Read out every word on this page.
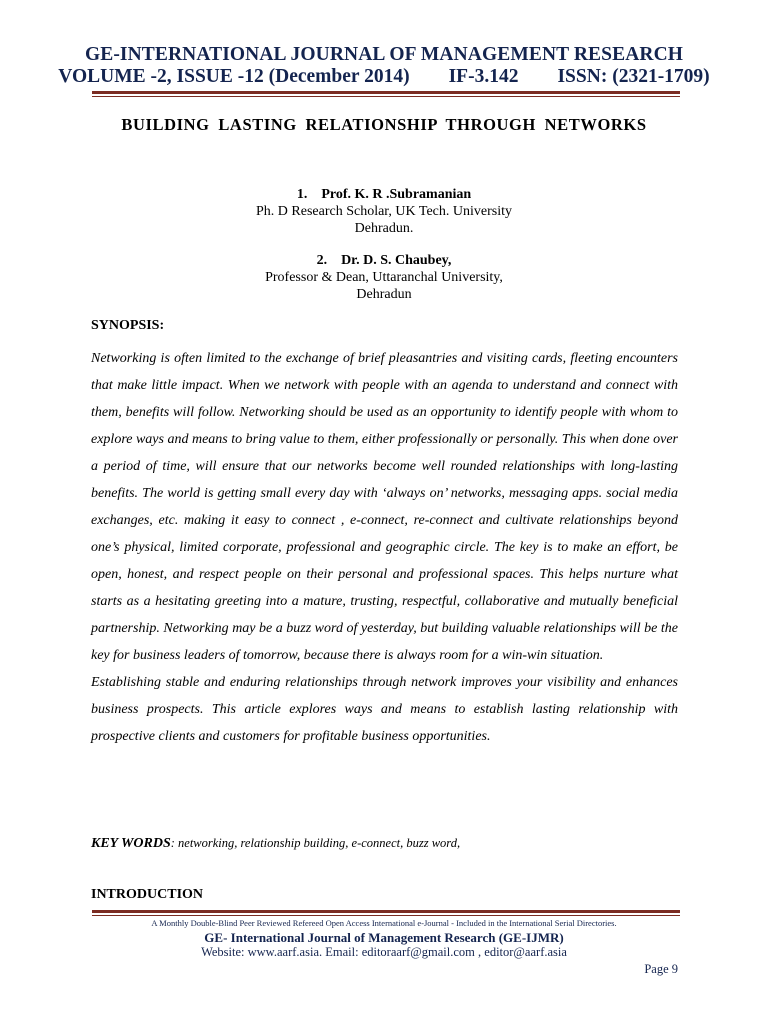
GE-INTERNATIONAL JOURNAL OF MANAGEMENT RESEARCH
VOLUME -2, ISSUE -12 (December 2014) IF-3.142 ISSN: (2321-1709)
BUILDING LASTING RELATIONSHIP THROUGH NETWORKS
1. Prof. K. R .Subramanian
Ph. D Research Scholar, UK Tech. University
Dehradun.
2. Dr. D. S. Chaubey,
Professor & Dean, Uttaranchal University,
Dehradun
SYNOPSIS:

Networking is often limited to the exchange of brief pleasantries and visiting cards, fleeting encounters that make little impact. When we network with people with an agenda to understand and connect with them, benefits will follow. Networking should be used as an opportunity to identify people with whom to explore ways and means to bring value to them, either professionally or personally. This when done over a period of time, will ensure that our networks become well rounded relationships with long-lasting benefits. The world is getting small every day with ‘always on’ networks, messaging apps. social media exchanges, etc. making it easy to connect , e-connect, re-connect and cultivate relationships beyond one’s physical, limited corporate, professional and geographic circle. The key is to make an effort, be open, honest, and respect people on their personal and professional spaces. This helps nurture what starts as a hesitating greeting into a mature, trusting, respectful, collaborative and mutually beneficial partnership. Networking may be a buzz word of yesterday, but building valuable relationships will be the key for business leaders of tomorrow, because there is always room for a win-win situation.

Establishing stable and enduring relationships through network improves your visibility and enhances business prospects. This article explores ways and means to establish lasting relationship with prospective clients and customers for profitable business opportunities.

KEY WORDS: networking, relationship building, e-connect, buzz word,
INTRODUCTION
A Monthly Double-Blind Peer Reviewed Refereed Open Access International e-Journal - Included in the International Serial Directories.
GE- International Journal of Management Research (GE-IJMR)
Website: www.aarf.asia. Email: editoraarf@gmail.com , editor@aarf.asia
Page 9
